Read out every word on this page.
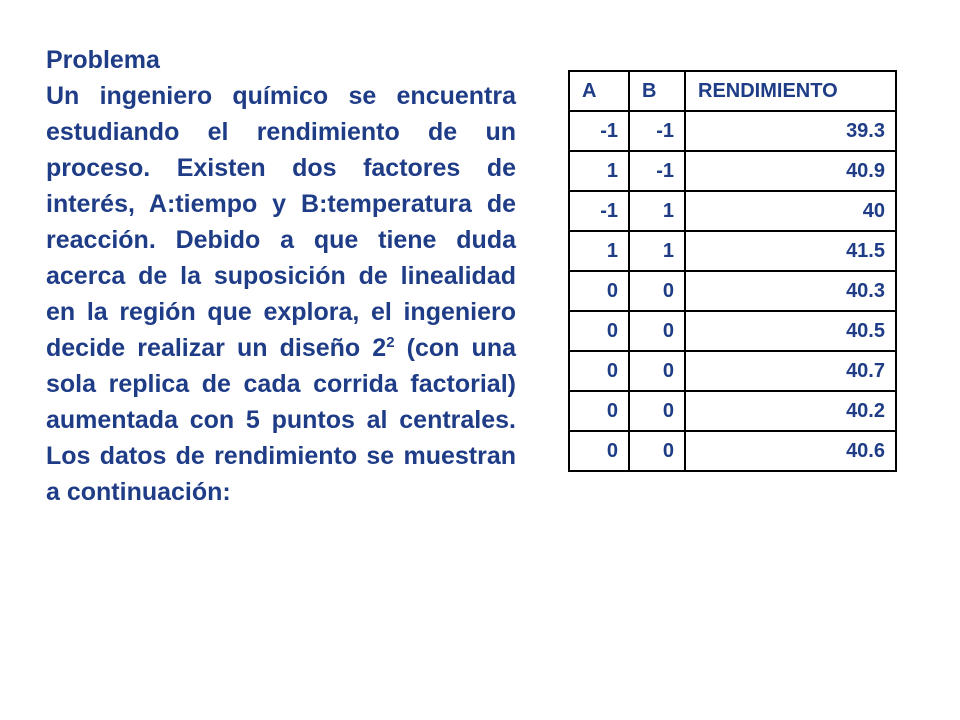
Problema

Un ingeniero químico se encuentra estudiando el rendimiento de un proceso. Existen dos factores de interés, A:tiempo y B:temperatura de reacción. Debido a que tiene duda acerca de la suposición de linealidad en la región que explora, el ingeniero decide realizar un diseño $2^2$ (con una sola replica de cada corrida factorial) aumentada con 5 puntos al centrales. Los datos de rendimiento se muestran a continuación:

A	B	RENDIMIENTO
-1	-1	39.3
1	-1	40.9
-1	1	40
1	1	41.5
0	0	40.3
0	0	40.5
0	0	40.7
0	0	40.2
0	0	40.6
